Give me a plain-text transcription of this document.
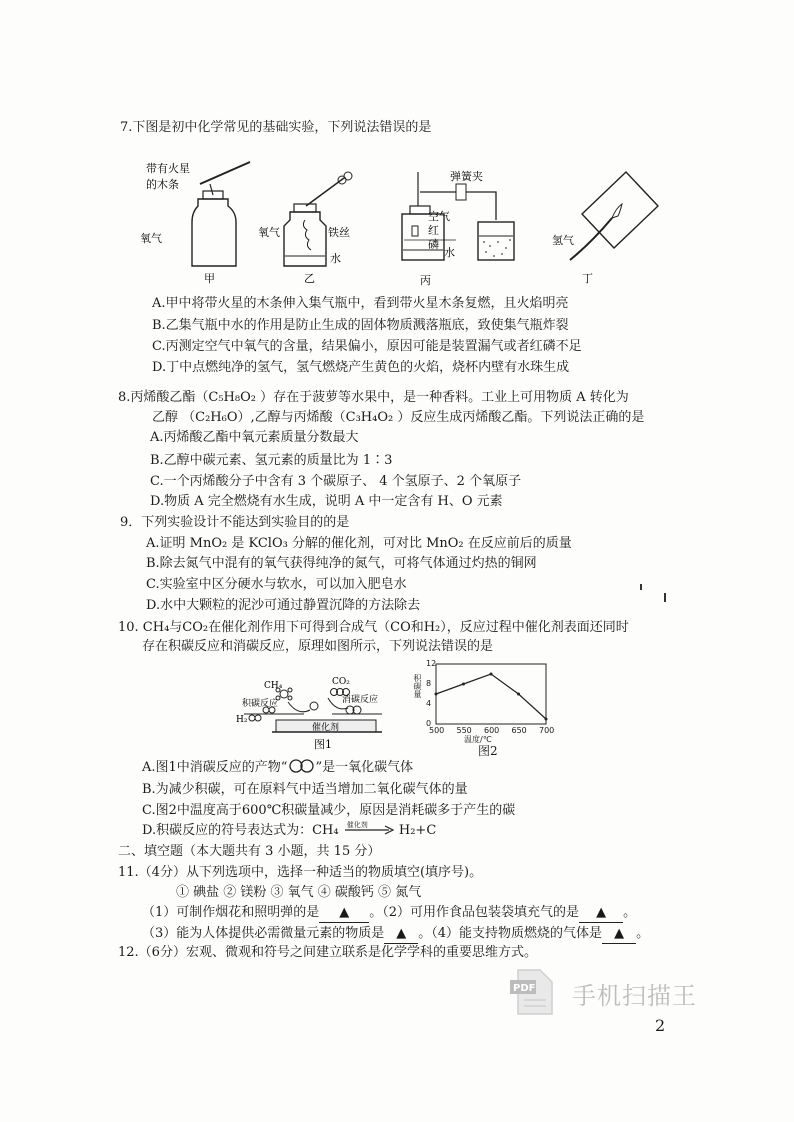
7.下图是初中化学常见的基础实验，下列说法错误的是
带有火星
的木条
氧气
甲
氧气	铁丝
水
乙
弹簧夹
空气
红
磷
水
丙
氢气
丁
A.甲中将带火星的木条伸入集气瓶中，看到带火星木条复燃，且火焰明亮
B.乙集气瓶中水的作用是防止生成的固体物质溅落瓶底，致使集气瓶炸裂
C.丙测定空气中氧气的含量，结果偏小，原因可能是装置漏气或者红磷不足
D.丁中点燃纯净的氢气，氢气燃烧产生黄色的火焰，烧杯内壁有水珠生成
8.丙烯酸乙酯（C₅H₈O₂ ）存在于菠萝等水果中，是一种香料。工业上可用物质 A 转化为
乙醇 （C₂H₆O）,乙醇与丙烯酸（C₃H₄O₂ ）反应生成丙烯酸乙酯。下列说法正确的是
A.丙烯酸乙酯中氧元素质量分数最大
B.乙醇中碳元素、氢元素的质量比为 1∶3
C.一个丙烯酸分子中含有 3 个碳原子、 4 个氢原子、2 个氧原子
D.物质 A 完全燃烧有水生成，说明 A 中一定含有 H、O 元素
9．下列实验设计不能达到实验目的的是
A.证明 MnO₂ 是 KClO₃ 分解的催化剂，可对比 MnO₂ 在反应前后的质量
B.除去氮气中混有的氧气获得纯净的氮气，可将气体通过灼热的铜网
C.实验室中区分硬水与软水，可以加入肥皂水
D.水中大颗粒的泥沙可通过静置沉降的方法除去
10. CH₄与CO₂在催化剂作用下可得到合成气（CO和H₂），反应过程中催化剂表面还同时
存在积碳反应和消碳反应，原理如图所示，下列说法错误的是
CH₄	CO₂
积碳反应	消碳反应
H₂
催化剂
图1
500 550 600 650 700
0
4
8
12
积碳量
温度/℃
图2
A.图1中消碳反应的产物“ ”是一氧化碳气体
B.为减少积碳，可在原料气中适当增加二氧化碳气体的量
C.图2中温度高于600℃积碳量减少，原因是消耗碳多于产生的碳
D.积碳反应的符号表达式为：CH₄ 催化剂 H₂+C
二、填空题（本大题共有 3 小题，共 15 分）
11.（4分）从下列选项中，选择一种适当的物质填空(填序号)。
① 碘盐 ② 镁粉 ③ 氧气 ④ 碳酸钙 ⑤ 氮气
（1）可制作烟花和照明弹的是 ▲ 。（2）可用作食品包装袋填充气的是 ▲ 。
（3）能为人体提供必需微量元素的物质是 ▲ 。（4）能支持物质燃烧的气体是 ▲ 。
12.（6分）宏观、微观和符号之间建立联系是化学学科的重要思维方式。
PDF 手机扫描王
2
